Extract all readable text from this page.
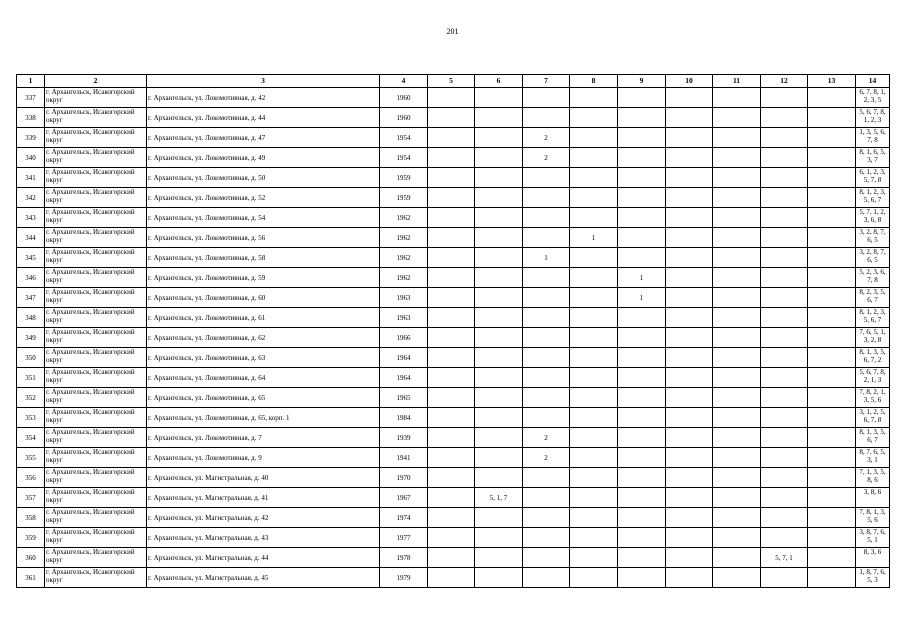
201
1	2	3	4	5	6	7	8	9	10	11	12	13	14
337	г. Архангельск, Исакогорский округ	г. Архангельск, ул. Локомотивная, д. 42	1960										6, 7, 8, 1, 2, 3, 5
338	г. Архангельск, Исакогорский округ	г. Архангельск, ул. Локомотивная, д. 44	1960										5, 6, 7, 8, 1, 2, 3
339	г. Архангельск, Исакогорский округ	г. Архангельск, ул. Локомотивная, д. 47	1954			2							1, 3, 5, 6, 7, 8
340	г. Архангельск, Исакогорский округ	г. Архангельск, ул. Локомотивная, д. 49	1954			2							8, 1, 6, 5, 3, 7
341	г. Архангельск, Исакогорский округ	г. Архангельск, ул. Локомотивная, д. 50	1959										6, 1, 2, 3, 5, 7, 8
342	г. Архангельск, Исакогорский округ	г. Архангельск, ул. Локомотивная, д. 52	1959										8, 1, 2, 3, 5, 6, 7
343	г. Архангельск, Исакогорский округ	г. Архангельск, ул. Локомотивная, д. 54	1962										5, 7, 1, 2, 3, 6, 8
344	г. Архангельск, Исакогорский округ	г. Архангельск, ул. Локомотивная, д. 56	1962				1						3, 2, 8, 7, 6, 5
345	г. Архангельск, Исакогорский округ	г. Архангельск, ул. Локомотивная, д. 58	1962			1							3, 2, 8, 7, 6, 5
346	г. Архангельск, Исакогорский округ	г. Архангельск, ул. Локомотивная, д. 59	1962					1					5, 2, 3, 6, 7, 8
347	г. Архангельск, Исакогорский округ	г. Архангельск, ул. Локомотивная, д. 60	1963					1					8, 2, 3, 5, 6, 7
348	г. Архангельск, Исакогорский округ	г. Архангельск, ул. Локомотивная, д. 61	1963										8, 1, 2, 3, 5, 6, 7
349	г. Архангельск, Исакогорский округ	г. Архангельск, ул. Локомотивная, д. 62	1966										7, 6, 5, 1, 3, 2, 8
350	г. Архангельск, Исакогорский округ	г. Архангельск, ул. Локомотивная, д. 63	1964										8, 1, 3, 5, 6, 7, 2
351	г. Архангельск, Исакогорский округ	г. Архангельск, ул. Локомотивная, д. 64	1964										5, 6, 7, 8, 2, 1, 3
352	г. Архангельск, Исакогорский округ	г. Архангельск, ул. Локомотивная, д. 65	1965										7, 8, 2, 1, 3, 5, 6
353	г. Архангельск, Исакогорский округ	г. Архангельск, ул. Локомотивная, д. 65, корп. 1	1984										3, 1, 2, 5, 6, 7, 8
354	г. Архангельск, Исакогорский округ	г. Архангельск, ул. Локомотивная, д. 7	1939			2							8, 1, 3, 5, 6, 7
355	г. Архангельск, Исакогорский округ	г. Архангельск, ул. Локомотивная, д. 9	1941			2							8, 7, 6, 5, 3, 1
356	г. Архангельск, Исакогорский округ	г. Архангельск, ул. Магистральная, д. 40	1970										7, 1, 3, 5, 8, 6
357	г. Архангельск, Исакогорский округ	г. Архангельск, ул. Магистральная, д. 41	1967		5, 1, 7								3, 8, 6
358	г. Архангельск, Исакогорский округ	г. Архангельск, ул. Магистральная, д. 42	1974										7, 8, 1, 3, 5, 6
359	г. Архангельск, Исакогорский округ	г. Архангельск, ул. Магистральная, д. 43	1977										3, 8, 7, 6, 5, 1
360	г. Архангельск, Исакогорский округ	г. Архангельск, ул. Магистральная, д. 44	1978								5, 7, 1		8, 3, 6
361	г. Архангельск, Исакогорский округ	г. Архангельск, ул. Магистральная, д. 45	1979										1, 8, 7, 6, 5, 3
